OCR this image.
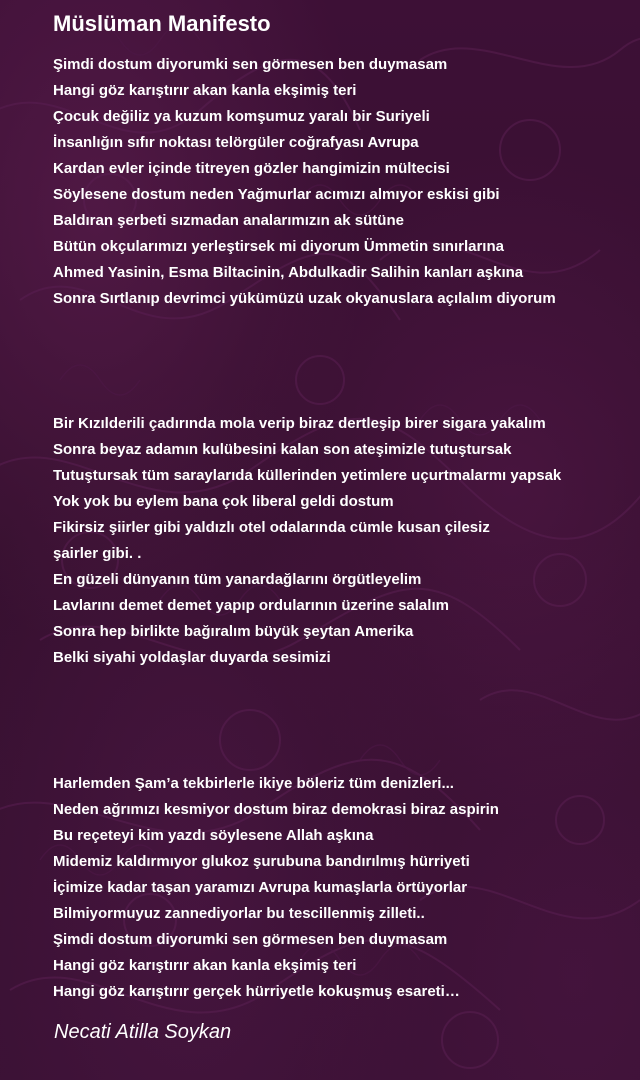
Müslüman Manifesto
Şimdi dostum diyorumki sen görmesen ben duymasam
Hangi göz karıştırır akan kanla ekşimiş teri
Çocuk değiliz ya kuzum komşumuz yaralı bir Suriyeli
İnsanlığın sıfır noktası telörgüler coğrafyası Avrupa
Kardan evler içinde titreyen gözler hangimizin mültecisi
Söylesene dostum neden Yağmurlar acımızı almıyor eskisi gibi
Baldıran şerbeti sızmadan analarımızın ak sütüne
Bütün okçularımızı yerleştirsek mi diyorum Ümmetin sınırlarına
Ahmed Yasinin, Esma Biltacinin, Abdulkadir Salihin kanları aşkına
Sonra Sırtlanıp devrimci yükümüzü uzak okyanuslara açılalım diyorum
Bir Kızılderili çadırında mola verip biraz dertleşip birer sigara yakalım
Sonra beyaz adamın kulübesini kalan son ateşimizle tutuştursak
Tutuştursak tüm saraylarıda küllerinden yetimlere uçurtmalarmı yapsak
Yok yok bu eylem bana çok liberal geldi dostum
Fikirsiz şiirler gibi yaldızlı otel odalarında cümle kusan çilesiz
şairler gibi. .
En güzeli dünyanın tüm yanardağlarını örgütleyelim
Lavlarını demet demet yapıp ordularının üzerine salalım
Sonra hep birlikte bağıralım büyük şeytan Amerika
Belki siyahi yoldaşlar duyarda sesimizi
Harlemden Şam’a tekbirlerle ikiye böleriz tüm denizleri...
Neden ağrımızı kesmiyor dostum biraz demokrasi biraz aspirin
Bu reçeteyi kim yazdı söylesene Allah aşkına
Midemiz kaldırmıyor glukoz şurubuna bandırılmış hürriyeti
İçimize kadar taşan yaramızı Avrupa kumaşlarla örtüyorlar
Bilmiyormuyuz zannediyorlar bu tescillenmiş zilleti..
Şimdi dostum diyorumki sen görmesen ben duymasam
Hangi göz karıştırır akan kanla ekşimiş teri
Hangi göz karıştırır gerçek hürriyetle kokuşmuş esareti…

Necati Atilla Soykan
